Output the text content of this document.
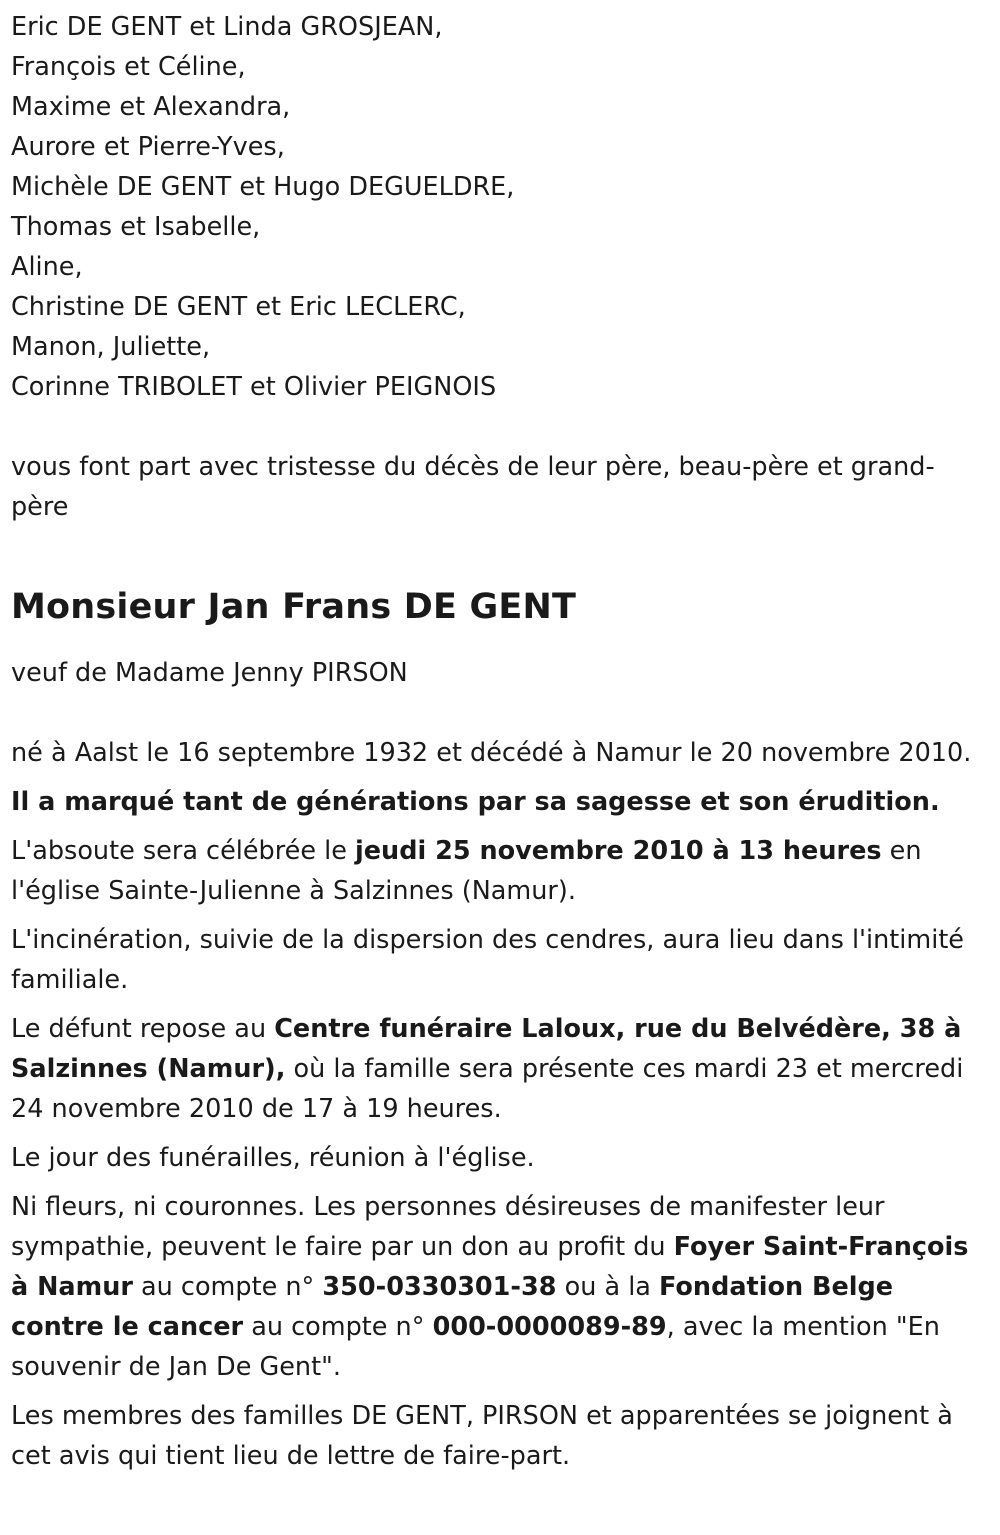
Eric DE GENT et Linda GROSJEAN,
François et Céline,
Maxime et Alexandra,
Aurore et Pierre-Yves,
Michèle DE GENT et Hugo DEGUELDRE,
Thomas et Isabelle,
Aline,
Christine DE GENT et Eric LECLERC,
Manon, Juliette,
Corinne TRIBOLET et Olivier PEIGNOIS

vous font part avec tristesse du décès de leur père, beau-père et grand-père

Monsieur Jan Frans DE GENT

veuf de Madame Jenny PIRSON

né à Aalst le 16 septembre 1932 et décédé à Namur le 20 novembre 2010.

Il a marqué tant de générations par sa sagesse et son érudition.

L'absoute sera célébrée le jeudi 25 novembre 2010 à 13 heures en l'église Sainte-Julienne à Salzinnes (Namur).

L'incinération, suivie de la dispersion des cendres, aura lieu dans l'intimité familiale.

Le défunt repose au Centre funéraire Laloux, rue du Belvédère, 38 à Salzinnes (Namur), où la famille sera présente ces mardi 23 et mercredi 24 novembre 2010 de 17 à 19 heures.

Le jour des funérailles, réunion à l'église.

Ni fleurs, ni couronnes. Les personnes désireuses de manifester leur sympathie, peuvent le faire par un don au profit du Foyer Saint-François à Namur au compte n° 350-0330301-38 ou à la Fondation Belge contre le cancer au compte n° 000-0000089-89, avec la mention "En souvenir de Jan De Gent".

Les membres des familles DE GENT, PIRSON et apparentées se joignent à cet avis qui tient lieu de lettre de faire-part.
